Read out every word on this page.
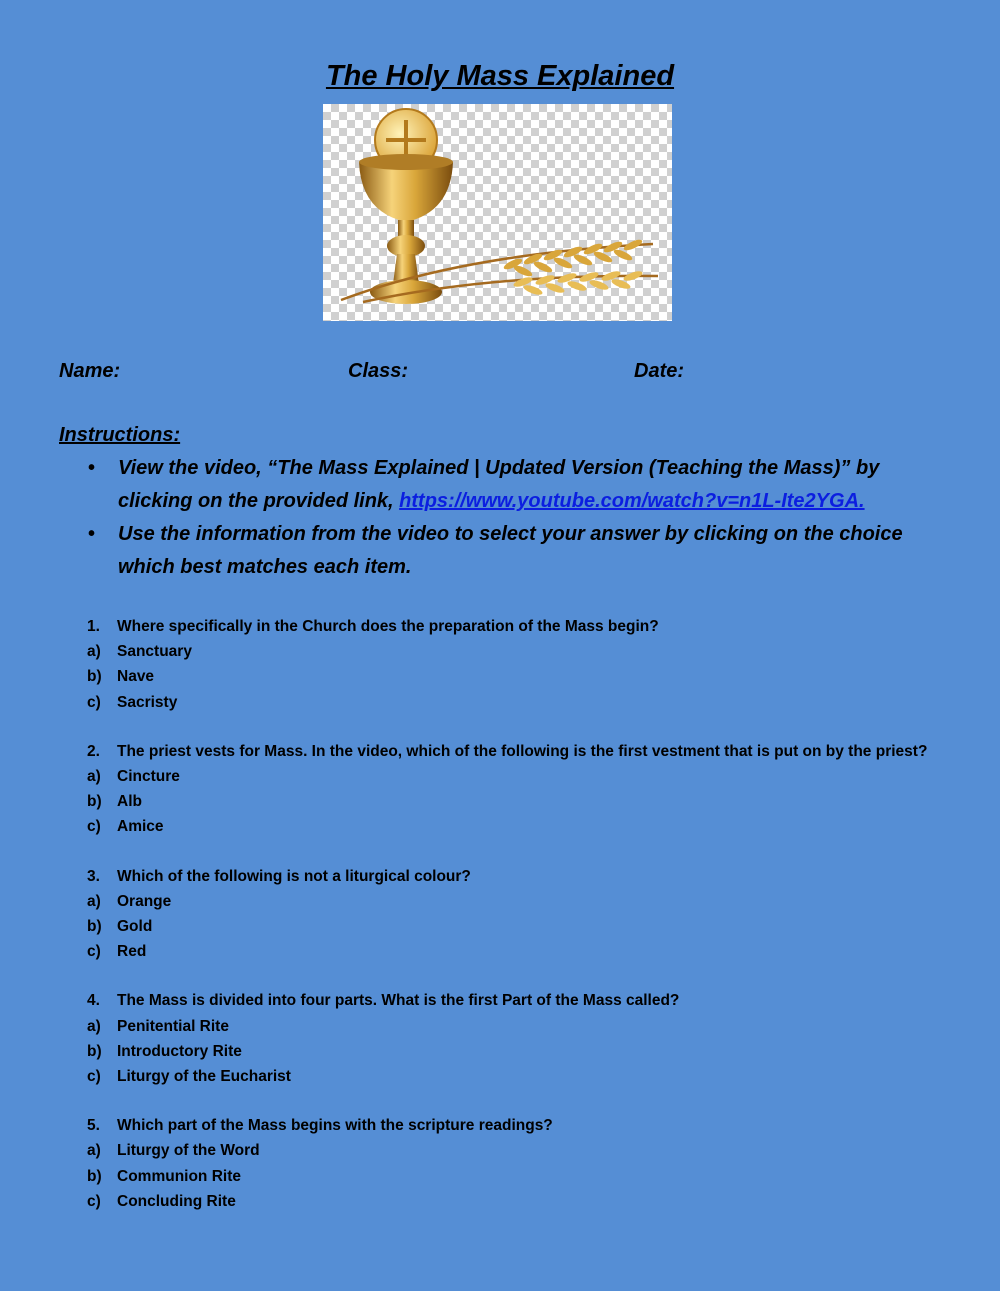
The Holy Mass Explained
Name:	Class:	Date:
Instructions:
• View the video, “The Mass Explained | Updated Version (Teaching the Mass)” by clicking on the provided link, https://www.youtube.com/watch?v=n1L-Ite2YGA.
• Use the information from the video to select your answer by clicking on the choice which best matches each item.
1.	Where specifically in the Church does the preparation of the Mass begin?
a)	Sanctuary
b) Nave
c)	Sacristy
2.	The priest vests for Mass. In the video, which of the following is the first vestment that is put on by the priest?
a)	Cincture
b) Alb
c)	Amice
3.	Which of the following is not a liturgical colour?
a)	Orange
b) Gold
c)	Red
4.	The Mass is divided into four parts. What is the first Part of the Mass called?
a)	Penitential Rite
b) Introductory Rite
c)	Liturgy of the Eucharist
5.	Which part of the Mass begins with the scripture readings?
a)	Liturgy of the Word
b) Communion Rite
c)	Concluding Rite
